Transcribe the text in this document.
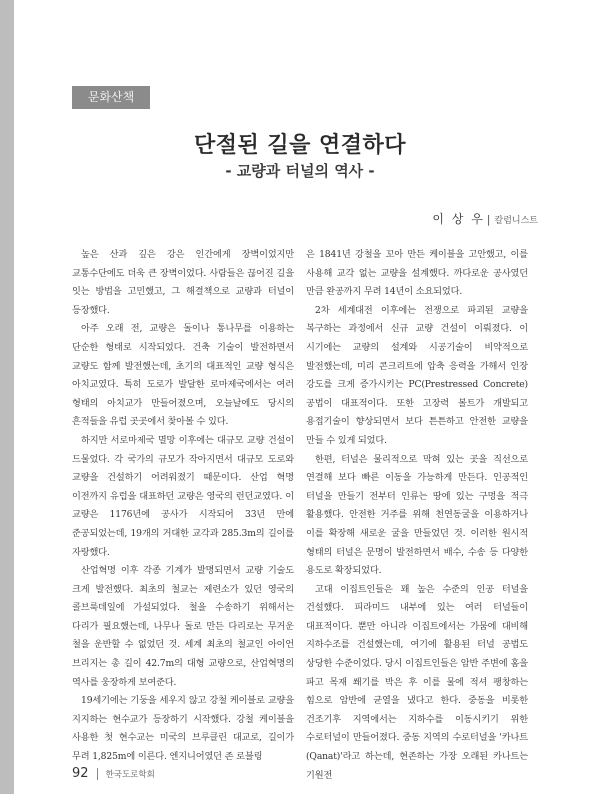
문화산책
단절된 길을 연결하다
- 교량과 터널의 역사 -
이 상 우 | 칼럼니스트

높은 산과 깊은 강은 인간에게 장벽이었지만 교통수단에도 더욱 큰 장벽이었다. 사람들은 끊어진 길을 잇는 방법을 고민했고, 그 해결책으로 교량과 터널이 등장했다.

아주 오래 전, 교량은 돌이나 통나무를 이용하는 단순한 형태로 시작되었다. 건축 기술이 발전하면서 교량도 함께 발전했는데, 초기의 대표적인 교량 형식은 아치교였다. 특히 도로가 발달한 로마제국에서는 여러 형태의 아치교가 만들어졌으며, 오늘날에도 당시의 흔적들을 유럽 곳곳에서 찾아볼 수 있다.

하지만 서로마제국 멸망 이후에는 대규모 교량 건설이 드물었다. 각 국가의 규모가 작아지면서 대규모 도로와 교량을 건설하기 어려워졌기 때문이다. 산업 혁명 이전까지 유럽을 대표하던 교량은 영국의 런던교였다. 이 교량은 1176년에 공사가 시작되어 33년 만에 준공되었는데, 19개의 거대한 교각과 285.3m의 길이를 자랑했다.

산업혁명 이후 각종 기계가 발명되면서 교량 기술도 크게 발전했다. 최초의 철교는 제련소가 있던 영국의 콜브룩데일에 가설되었다. 철을 수송하기 위해서는 다리가 필요했는데, 나무나 돌로 만든 다리로는 무거운 철을 운반할 수 없었던 것. 세계 최초의 철교인 아이언 브리지는 총 길이 42.7m의 대형 교량으로, 산업혁명의 역사를 웅장하게 보여준다.

19세기에는 기둥을 세우지 않고 강철 케이블로 교량을 지지하는 현수교가 등장하기 시작했다. 강철 케이블을 사용한 첫 현수교는 미국의 브루클린 대교로, 길이가 무려 1,825m에 이른다. 엔지니어였던 존 로블링

은 1841년 강철을 꼬아 만든 케이블을 고안했고, 이를 사용해 교각 없는 교량을 설계했다. 까다로운 공사였던 만큼 완공까지 무려 14년이 소요되었다.

2차 세계대전 이후에는 전쟁으로 파괴된 교량을 복구하는 과정에서 신규 교량 건설이 이뤄졌다. 이 시기에는 교량의 설계와 시공기술이 비약적으로 발전했는데, 미리 콘크리트에 압축 응력을 가해서 인장 강도를 크게 증가시키는 PC(Prestressed Concrete) 공법이 대표적이다. 또한 고장력 볼트가 개발되고 용접기술이 향상되면서 보다 튼튼하고 안전한 교량을 만들 수 있게 되었다.

한편, 터널은 물리적으로 막혀 있는 곳을 직선으로 연결해 보다 빠른 이동을 가능하게 만든다. 인공적인 터널을 만들기 전부터 인류는 땅에 있는 구멍을 적극 활용했다. 안전한 거주를 위해 천연동굴을 이용하거나 이를 확장해 새로운 굴을 만들었던 것. 이러한 원시적 형태의 터널은 문명이 발전하면서 배수, 수송 등 다양한 용도로 확장되었다.

고대 이집트인들은 꽤 높은 수준의 인공 터널을 건설했다. 피라미드 내부에 있는 여러 터널들이 대표적이다. 뿐만 아니라 이집트에서는 가뭄에 대비해 지하수조를 건설했는데, 여기에 활용된 터널 공법도 상당한 수준이었다. 당시 이집트인들은 암반 주변에 홈을 파고 목재 쐐기를 박은 후 이를 물에 적셔 팽창하는 힘으로 암반에 균열을 냈다고 한다. 중동을 비롯한 건조기후 지역에서는 지하수를 이동시키기 위한 수로터널이 만들어졌다. 중동 지역의 수로터널을 '카나트(Qanat)'라고 하는데, 현존하는 가장 오래된 카나트는 기원전

92 한국도로학회
